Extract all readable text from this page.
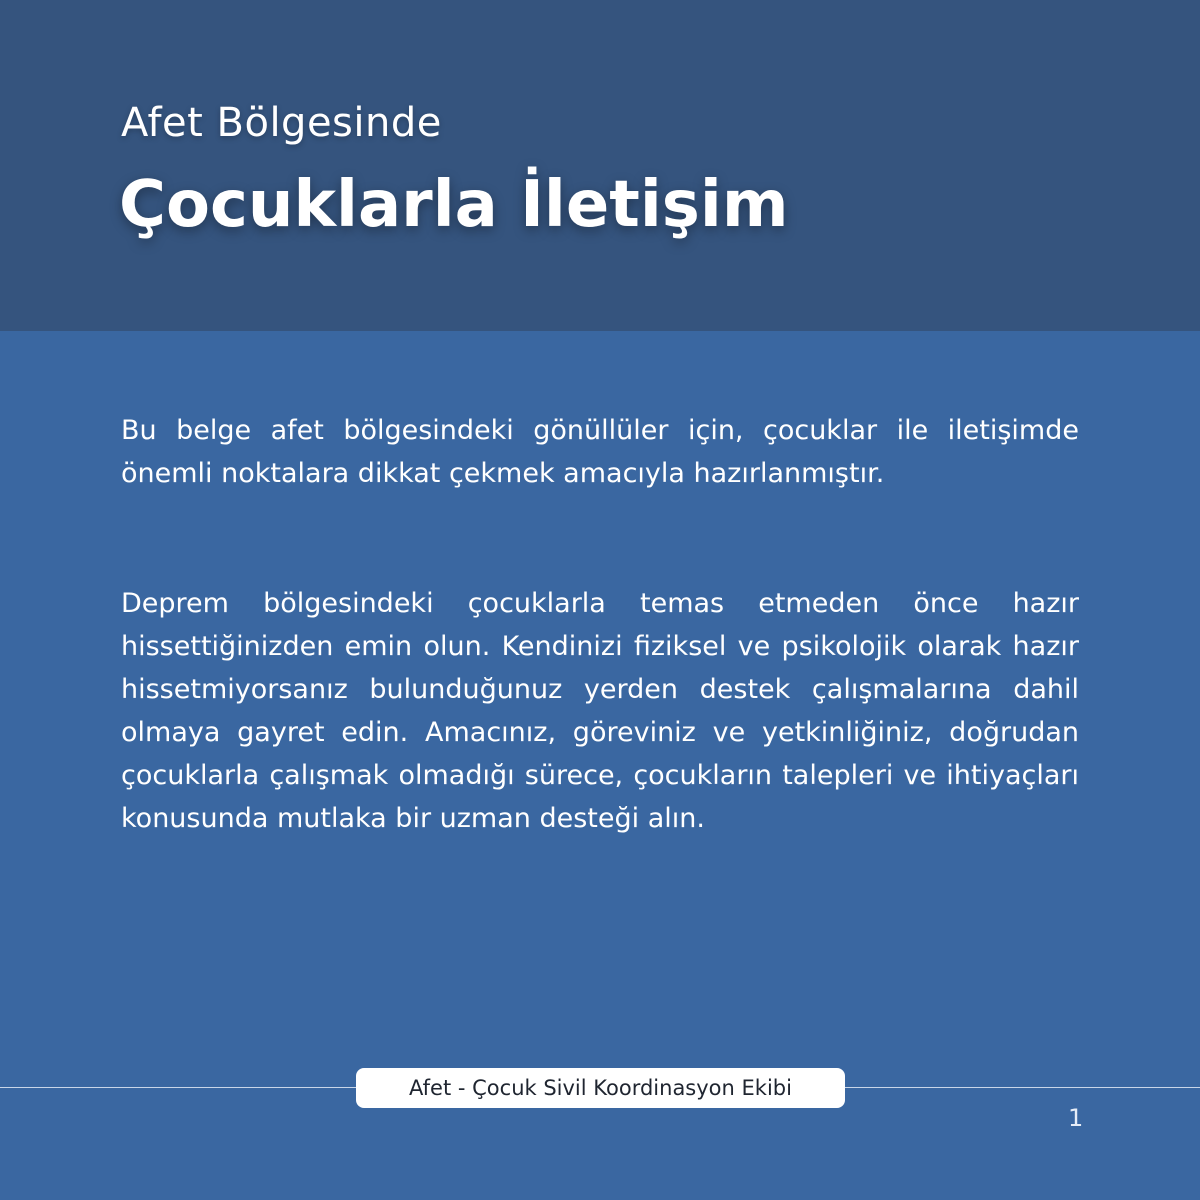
Afet Bölgesinde
Çocuklarla İletişim

Bu belge afet bölgesindeki gönüllüler için, çocuklar ile iletişimde önemli noktalara dikkat çekmek amacıyla hazırlanmıştır.

Deprem bölgesindeki çocuklarla temas etmeden önce hazır hissettiğinizden emin olun. Kendinizi fiziksel ve psikolojik olarak hazır hissetmiyorsanız bulunduğunuz yerden destek çalışmalarına dahil olmaya gayret edin. Amacınız, göreviniz ve yetkinliğiniz, doğrudan çocuklarla çalışmak olmadığı sürece, çocukların talepleri ve ihtiyaçları konusunda mutlaka bir uzman desteği alın.

Afet - Çocuk Sivil Koordinasyon Ekibi
1
